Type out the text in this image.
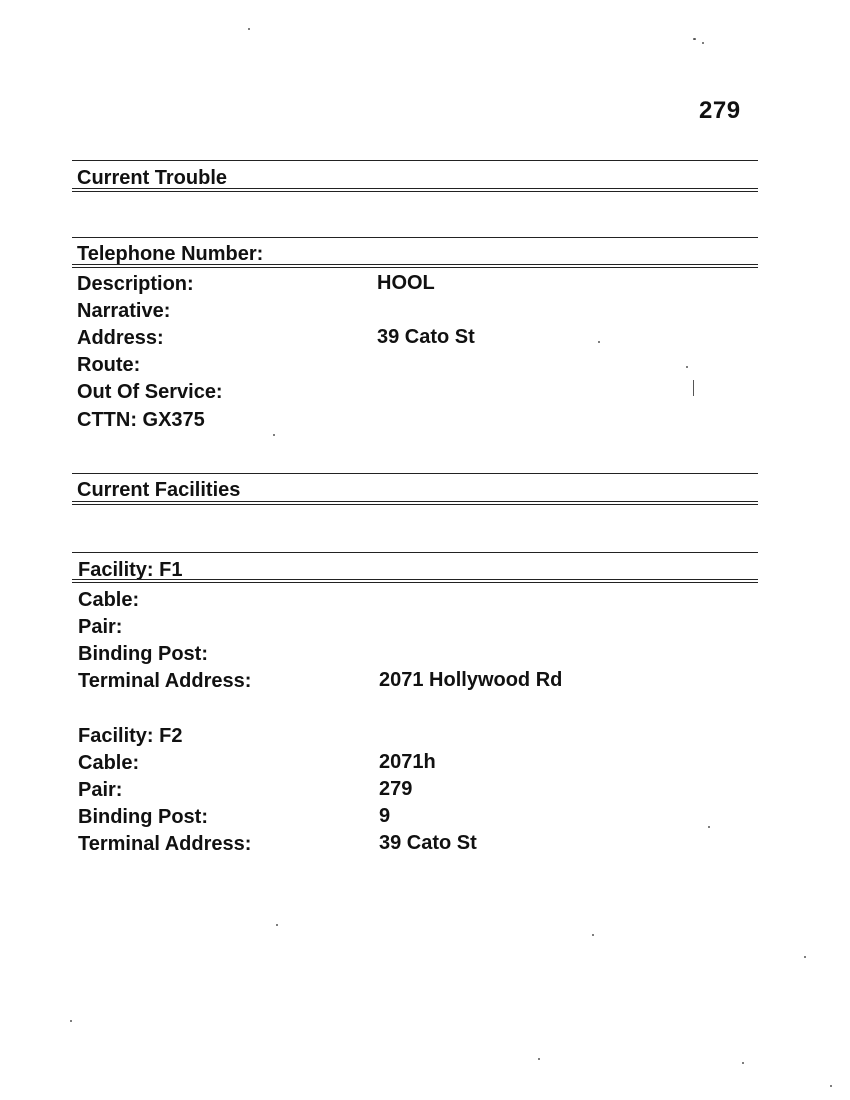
279
Current Trouble
Telephone Number:
Description:	HOOL
Narrative:
Address:	39 Cato St
Route:
Out Of Service:
CTTN: GX375
Current Facilities
Facility: F1
Cable:
Pair:
Binding Post:
Terminal Address:	2071 Hollywood Rd
Facility: F2
Cable:	2071h
Pair:	279
Binding Post:	9
Terminal Address:	39 Cato St
